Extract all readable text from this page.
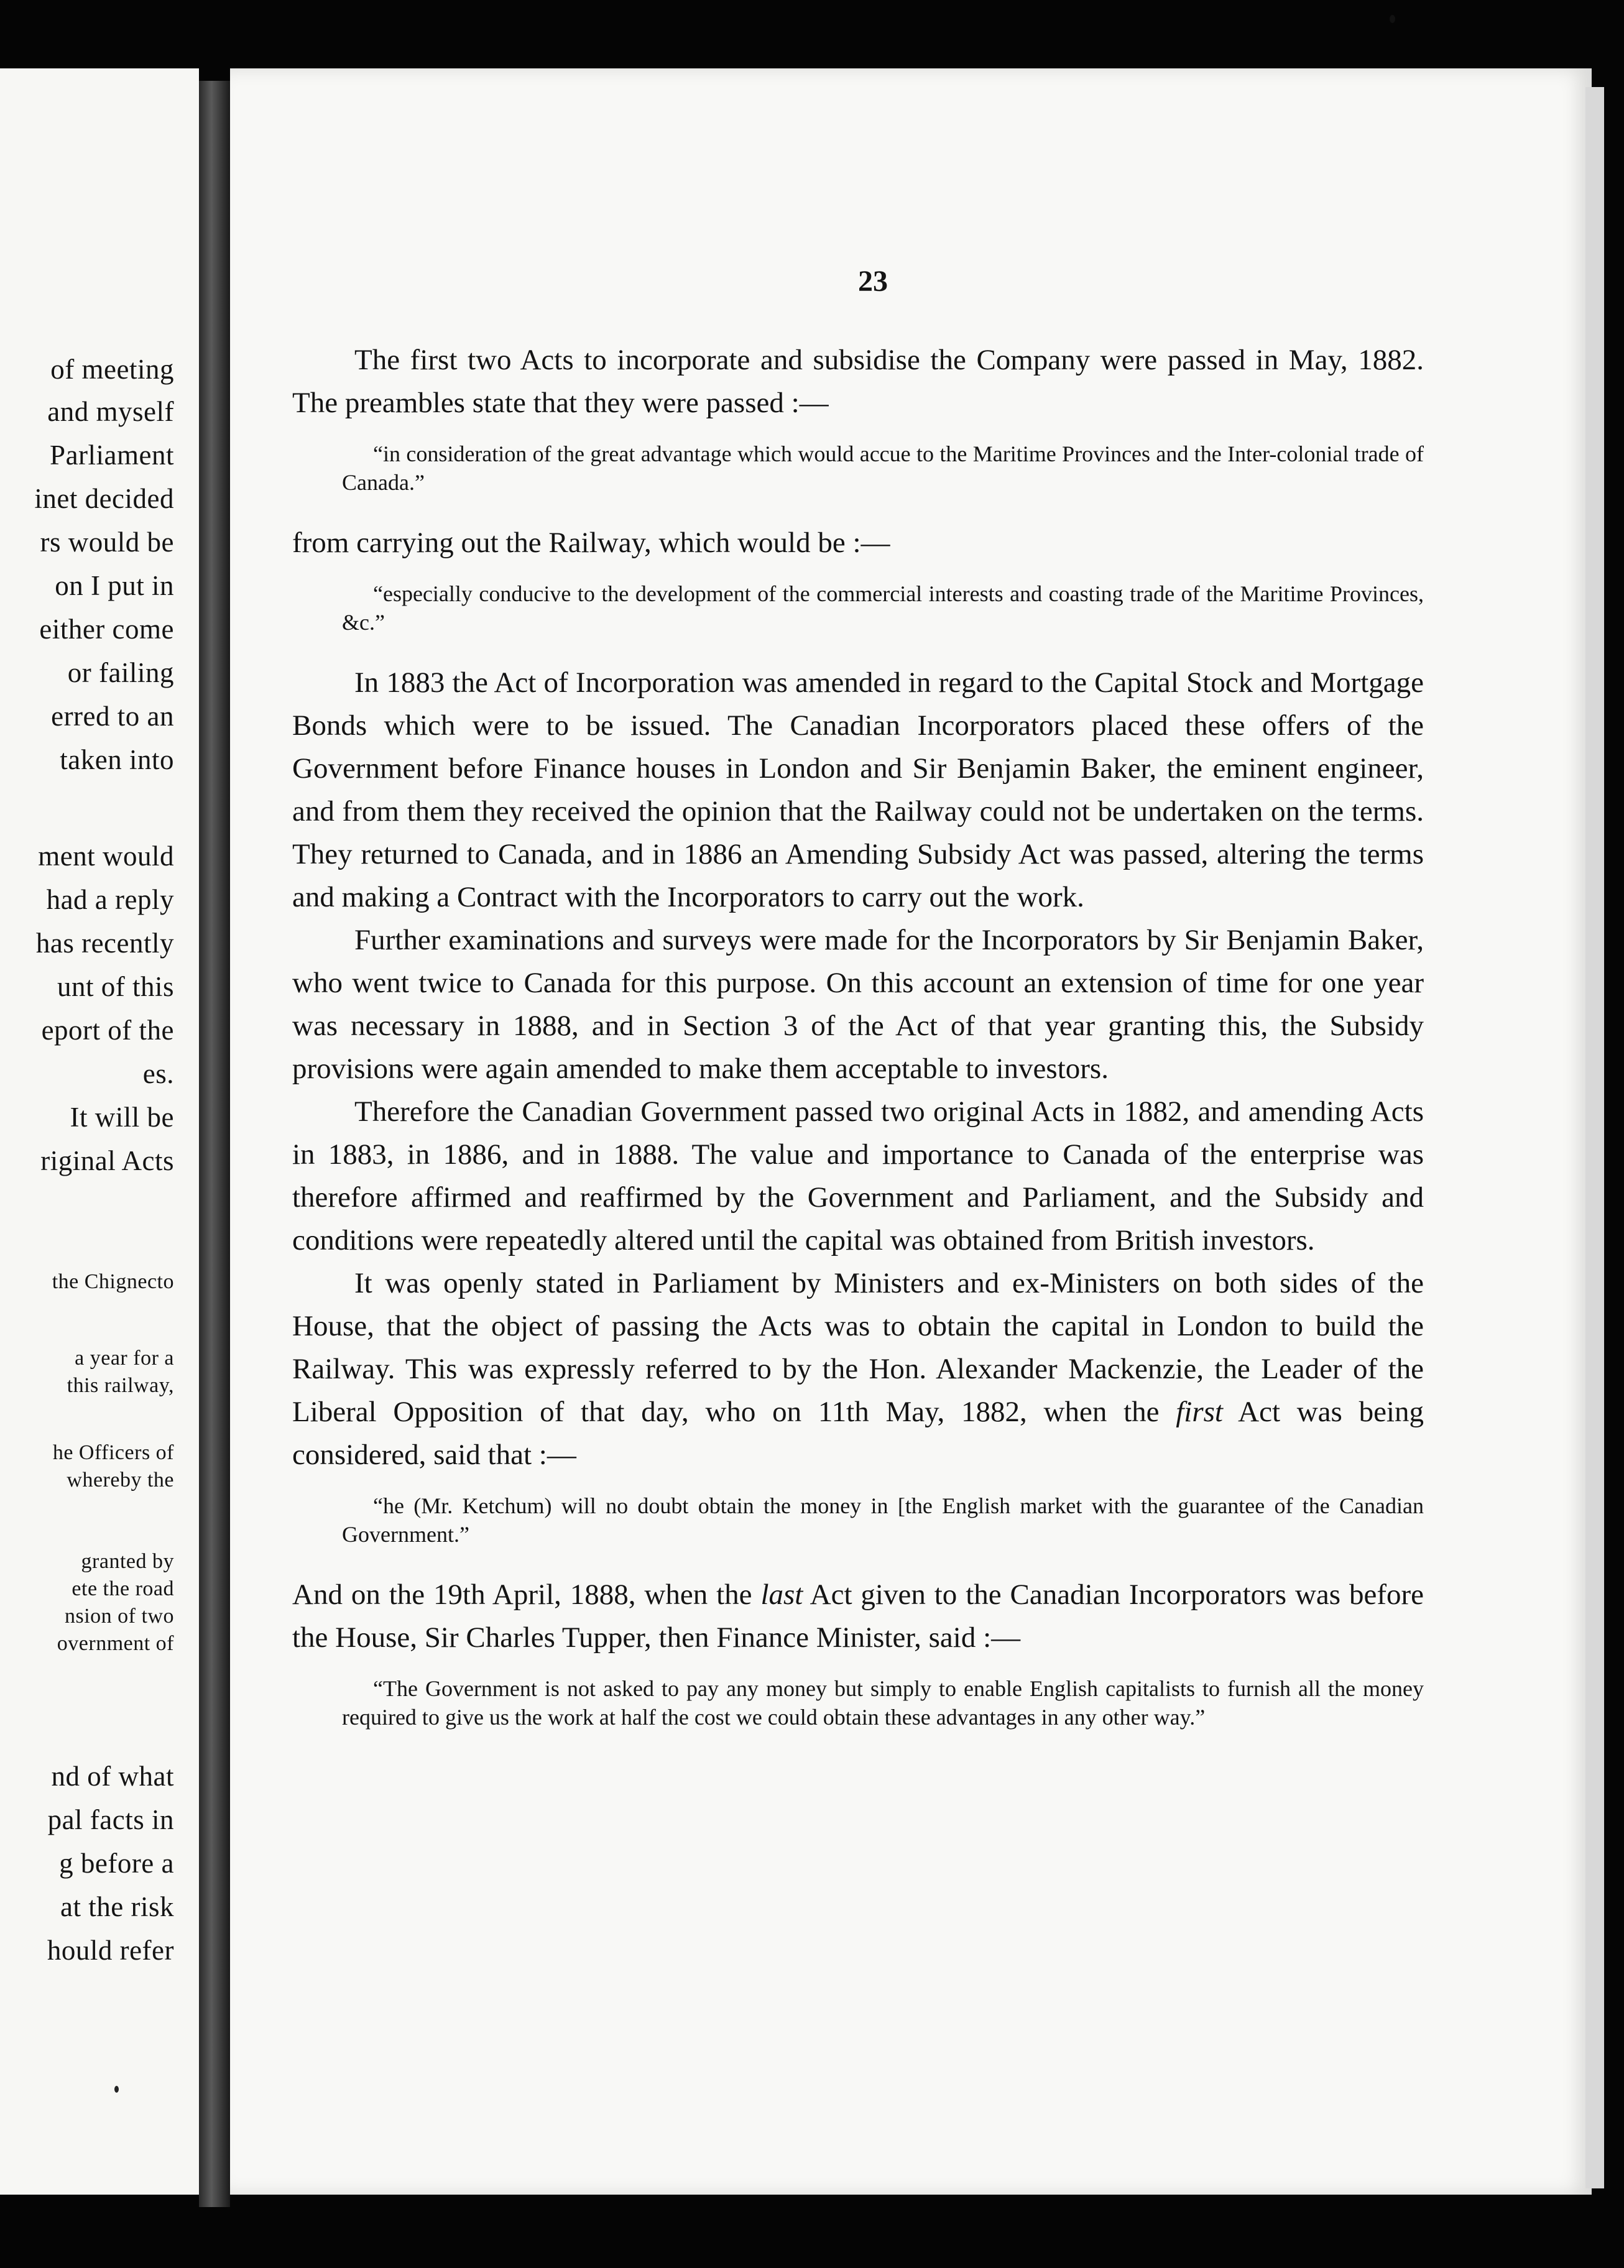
of meeting
and myself
Parliament
inet decided
rs would be
on I put in
either come
or failing
erred to an
taken into
ment would
had a reply
has recently
unt of this
eport of the
es.
It will be
riginal Acts
the Chignecto
a year for a
this railway,
he Officers of
whereby the
granted by
ete the road
nsion of two
overnment of
nd of what
pal facts in
g before a
at the risk
hould refer
23

The first two Acts to incorporate and subsidise the Company were passed in May, 1882. The preambles state that they were passed :—

“in consideration of the great advantage which would accue to the Maritime Provinces and the Inter-colonial trade of Canada.”

from carrying out the Railway, which would be :—

“especially conducive to the development of the commercial interests and coasting trade of the Maritime Provinces, &c.”

In 1883 the Act of Incorporation was amended in regard to the Capital Stock and Mortgage Bonds which were to be issued. The Canadian Incorporators placed these offers of the Government before Finance houses in London and Sir Benjamin Baker, the eminent engineer, and from them they received the opinion that the Railway could not be undertaken on the terms. They returned to Canada, and in 1886 an Amending Subsidy Act was passed, altering the terms and making a Contract with the Incorporators to carry out the work.

Further examinations and surveys were made for the Incorporators by Sir Benjamin Baker, who went twice to Canada for this purpose. On this account an extension of time for one year was necessary in 1888, and in Section 3 of the Act of that year granting this, the Subsidy provisions were again amended to make them acceptable to investors.

Therefore the Canadian Government passed two original Acts in 1882, and amending Acts in 1883, in 1886, and in 1888. The value and importance to Canada of the enterprise was therefore affirmed and reaffirmed by the Government and Parliament, and the Subsidy and conditions were repeatedly altered until the capital was obtained from British investors.

It was openly stated in Parliament by Ministers and ex-Ministers on both sides of the House, that the object of passing the Acts was to obtain the capital in London to build the Railway. This was expressly referred to by the Hon. Alexander Mackenzie, the Leader of the Liberal Opposition of that day, who on 11th May, 1882, when the first Act was being considered, said that :—

“he (Mr. Ketchum) will no doubt obtain the money in [the English market with the guarantee of the Canadian Government.”

And on the 19th April, 1888, when the last Act given to the Canadian Incorporators was before the House, Sir Charles Tupper, then Finance Minister, said :—

“The Government is not asked to pay any money but simply to enable English capitalists to furnish all the money required to give us the work at half the cost we could obtain these advantages in any other way.”
